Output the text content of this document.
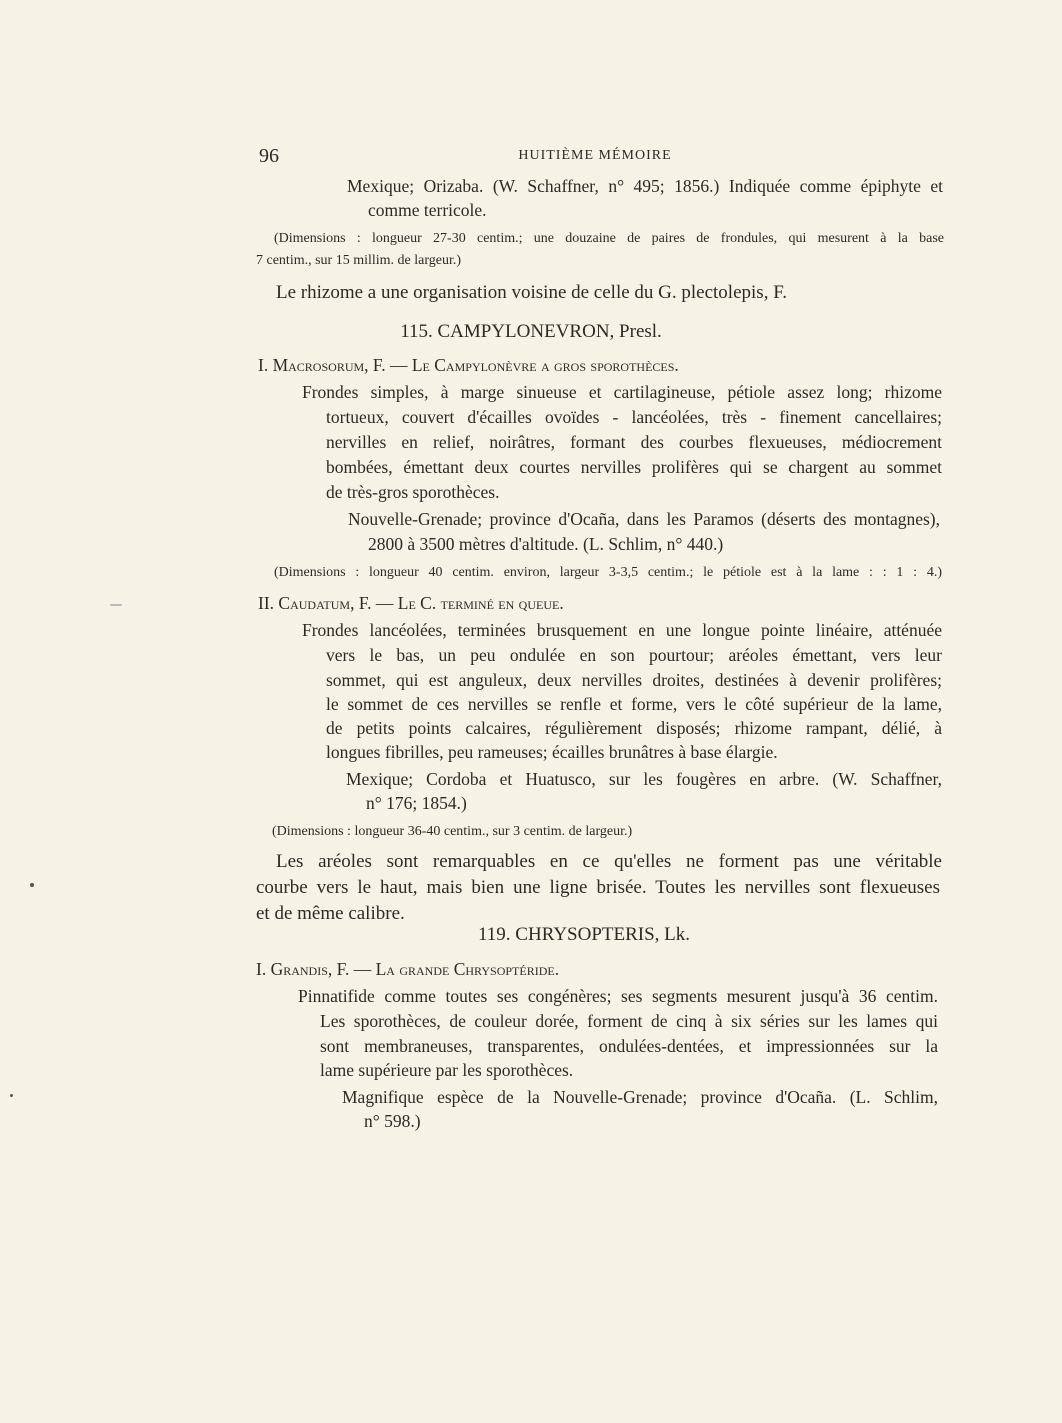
96	HUITIÈME MÉMOIRE
Mexique; Orizaba. (W. Schaffner, n° 495; 1856.) Indiquée comme épiphyte et
comme terricole.
(Dimensions : longueur 27-30 centim.; une douzaine de paires de frondules, qui mesurent à la base
7 centim., sur 15 millim. de largeur.)
Le rhizome a une organisation voisine de celle du G. plectolepis, F.
115. CAMPYLONEVRON, Presl.
I. Macrosorum, F. — Le Campylonèvre a gros sporothèces.
Frondes simples, à marge sinueuse et cartilagineuse, pétiole assez long; rhizome
tortueux, couvert d'écailles ovoïdes - lancéolées, très - finement cancellaires;
nervilles en relief, noirâtres, formant des courbes flexueuses, médiocrement
bombées, émettant deux courtes nervilles prolifères qui se chargent au sommet
de très-gros sporothèces.
Nouvelle-Grenade; province d'Ocaña, dans les Paramos (déserts des montagnes),
2800 à 3500 mètres d'altitude. (L. Schlim, n° 440.)
(Dimensions : longueur 40 centim. environ, largeur 3-3,5 centim.; le pétiole est à la lame : : 1 : 4.)
II. Caudatum, F. — Le C. terminé en queue.
Frondes lancéolées, terminées brusquement en une longue pointe linéaire, atténuée
vers le bas, un peu ondulée en son pourtour; aréoles émettant, vers leur
sommet, qui est anguleux, deux nervilles droites, destinées à devenir prolifères;
le sommet de ces nervilles se renfle et forme, vers le côté supérieur de la lame,
de petits points calcaires, régulièrement disposés; rhizome rampant, délié, à
longues fibrilles, peu rameuses; écailles brunâtres à base élargie.
Mexique; Cordoba et Huatusco, sur les fougères en arbre. (W. Schaffner,
n° 176; 1854.)
(Dimensions : longueur 36-40 centim., sur 3 centim. de largeur.)
Les aréoles sont remarquables en ce qu'elles ne forment pas une véritable
courbe vers le haut, mais bien une ligne brisée. Toutes les nervilles sont flexueuses
et de même calibre.
119. CHRYSOPTERIS, Lk.
I. Grandis, F. — La grande Chrysoptéride.
Pinnatifide comme toutes ses congénères; ses segments mesurent jusqu'à 36 centim.
Les sporothèces, de couleur dorée, forment de cinq à six séries sur les lames qui
sont membraneuses, transparentes, ondulées-dentées, et impressionnées sur la
lame supérieure par les sporothèces.
Magnifique espèce de la Nouvelle-Grenade; province d'Ocaña. (L. Schlim,
n° 598.)
